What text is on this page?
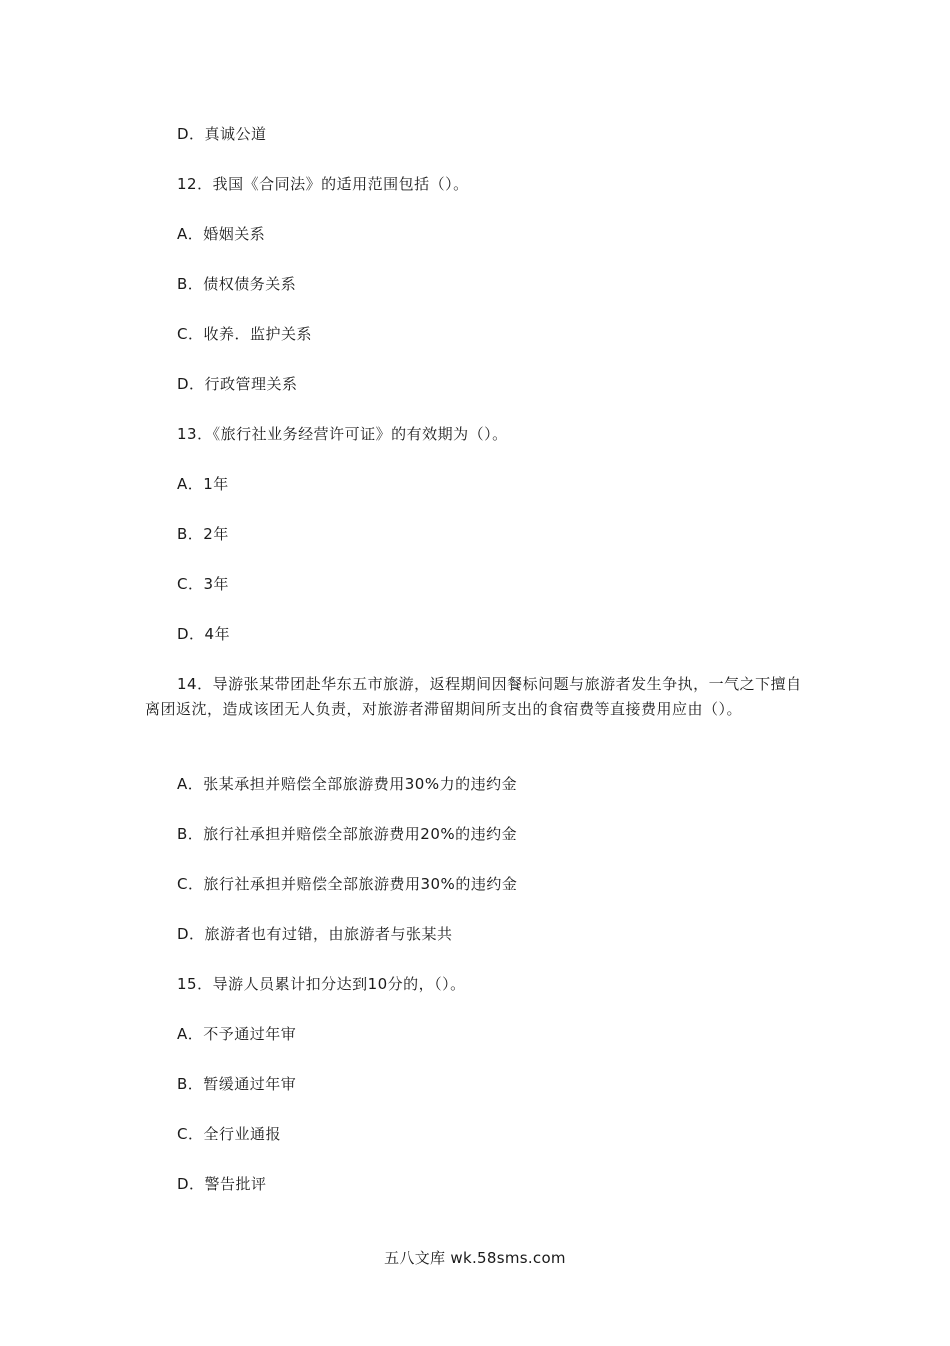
D．真诚公道
12．我国《合同法》的适用范围包括（）。
A．婚姻关系
B．债权债务关系
C．收养．监护关系
D．行政管理关系
13．《旅行社业务经营许可证》的有效期为（）。
A．1年
B．2年
C．3年
D．4年
14．导游张某带团赴华东五市旅游，返程期间因餐标问题与旅游者发生争执，一气之下擅自离团返沈，造成该团无人负责，对旅游者滞留期间所支出的食宿费等直接费用应由（）。
A．张某承担并赔偿全部旅游费用30%力的违约金
B．旅行社承担并赔偿全部旅游费用20%的违约金
C．旅行社承担并赔偿全部旅游费用30%的违约金
D．旅游者也有过错，由旅游者与张某共
15．导游人员累计扣分达到10分的，（）。
A．不予通过年审
B．暂缓通过年审
C．全行业通报
D．警告批评
五八文库 wk.58sms.com
